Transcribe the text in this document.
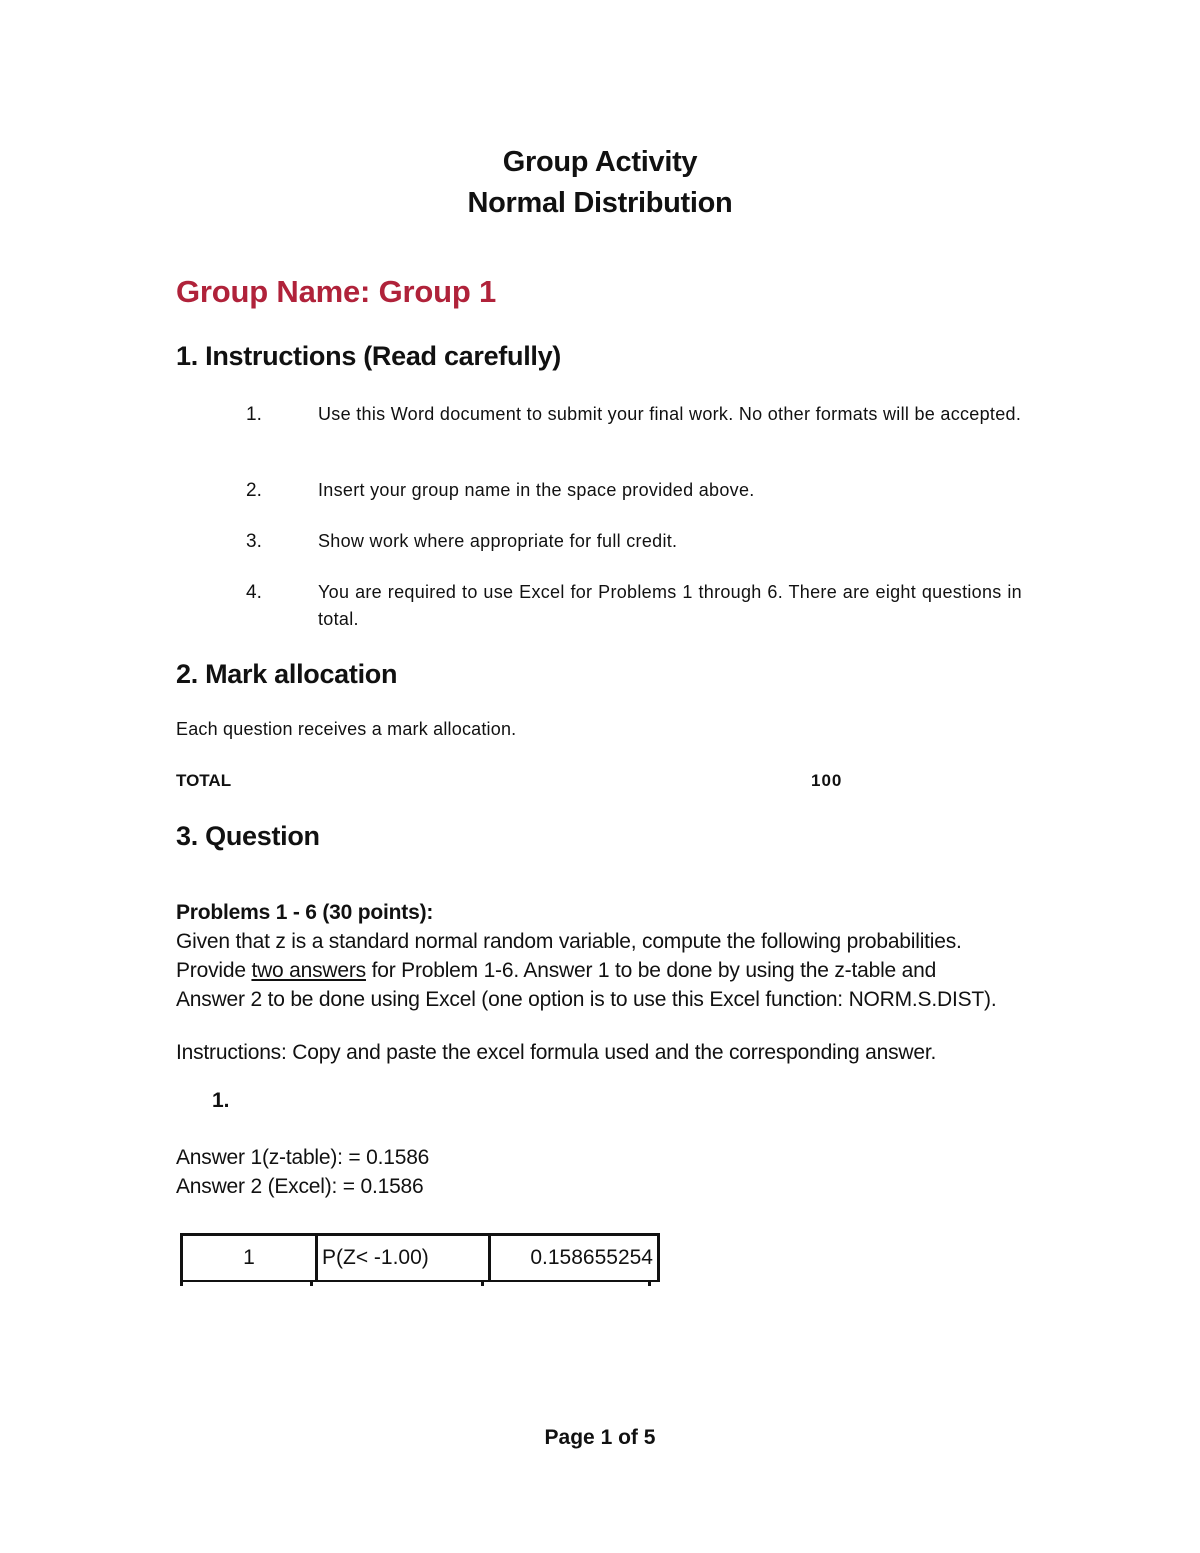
Group Activity
Normal Distribution
Group Name: Group 1
1. Instructions (Read carefully)
1.	Use this Word document to submit your final work. No other formats will be accepted.
2.	Insert your group name in the space provided above.
3.	Show work where appropriate for full credit.
4.	You are required to use Excel for Problems 1 through 6. There are eight questions in total.
2. Mark allocation
Each question receives a mark allocation.
TOTAL	100
3. Question
Problems 1 - 6 (30 points):
Given that z is a standard normal random variable, compute the following probabilities.
Provide two answers for Problem 1-6. Answer 1 to be done by using the z-table and
Answer 2 to be done using Excel (one option is to use this Excel function: NORM.S.DIST).
Instructions: Copy and paste the excel formula used and the corresponding answer.
1.
Answer 1(z-table): = 0.1586
Answer 2 (Excel): = 0.1586
1	P(Z< -1.00)	0.158655254
Page 1 of 5
